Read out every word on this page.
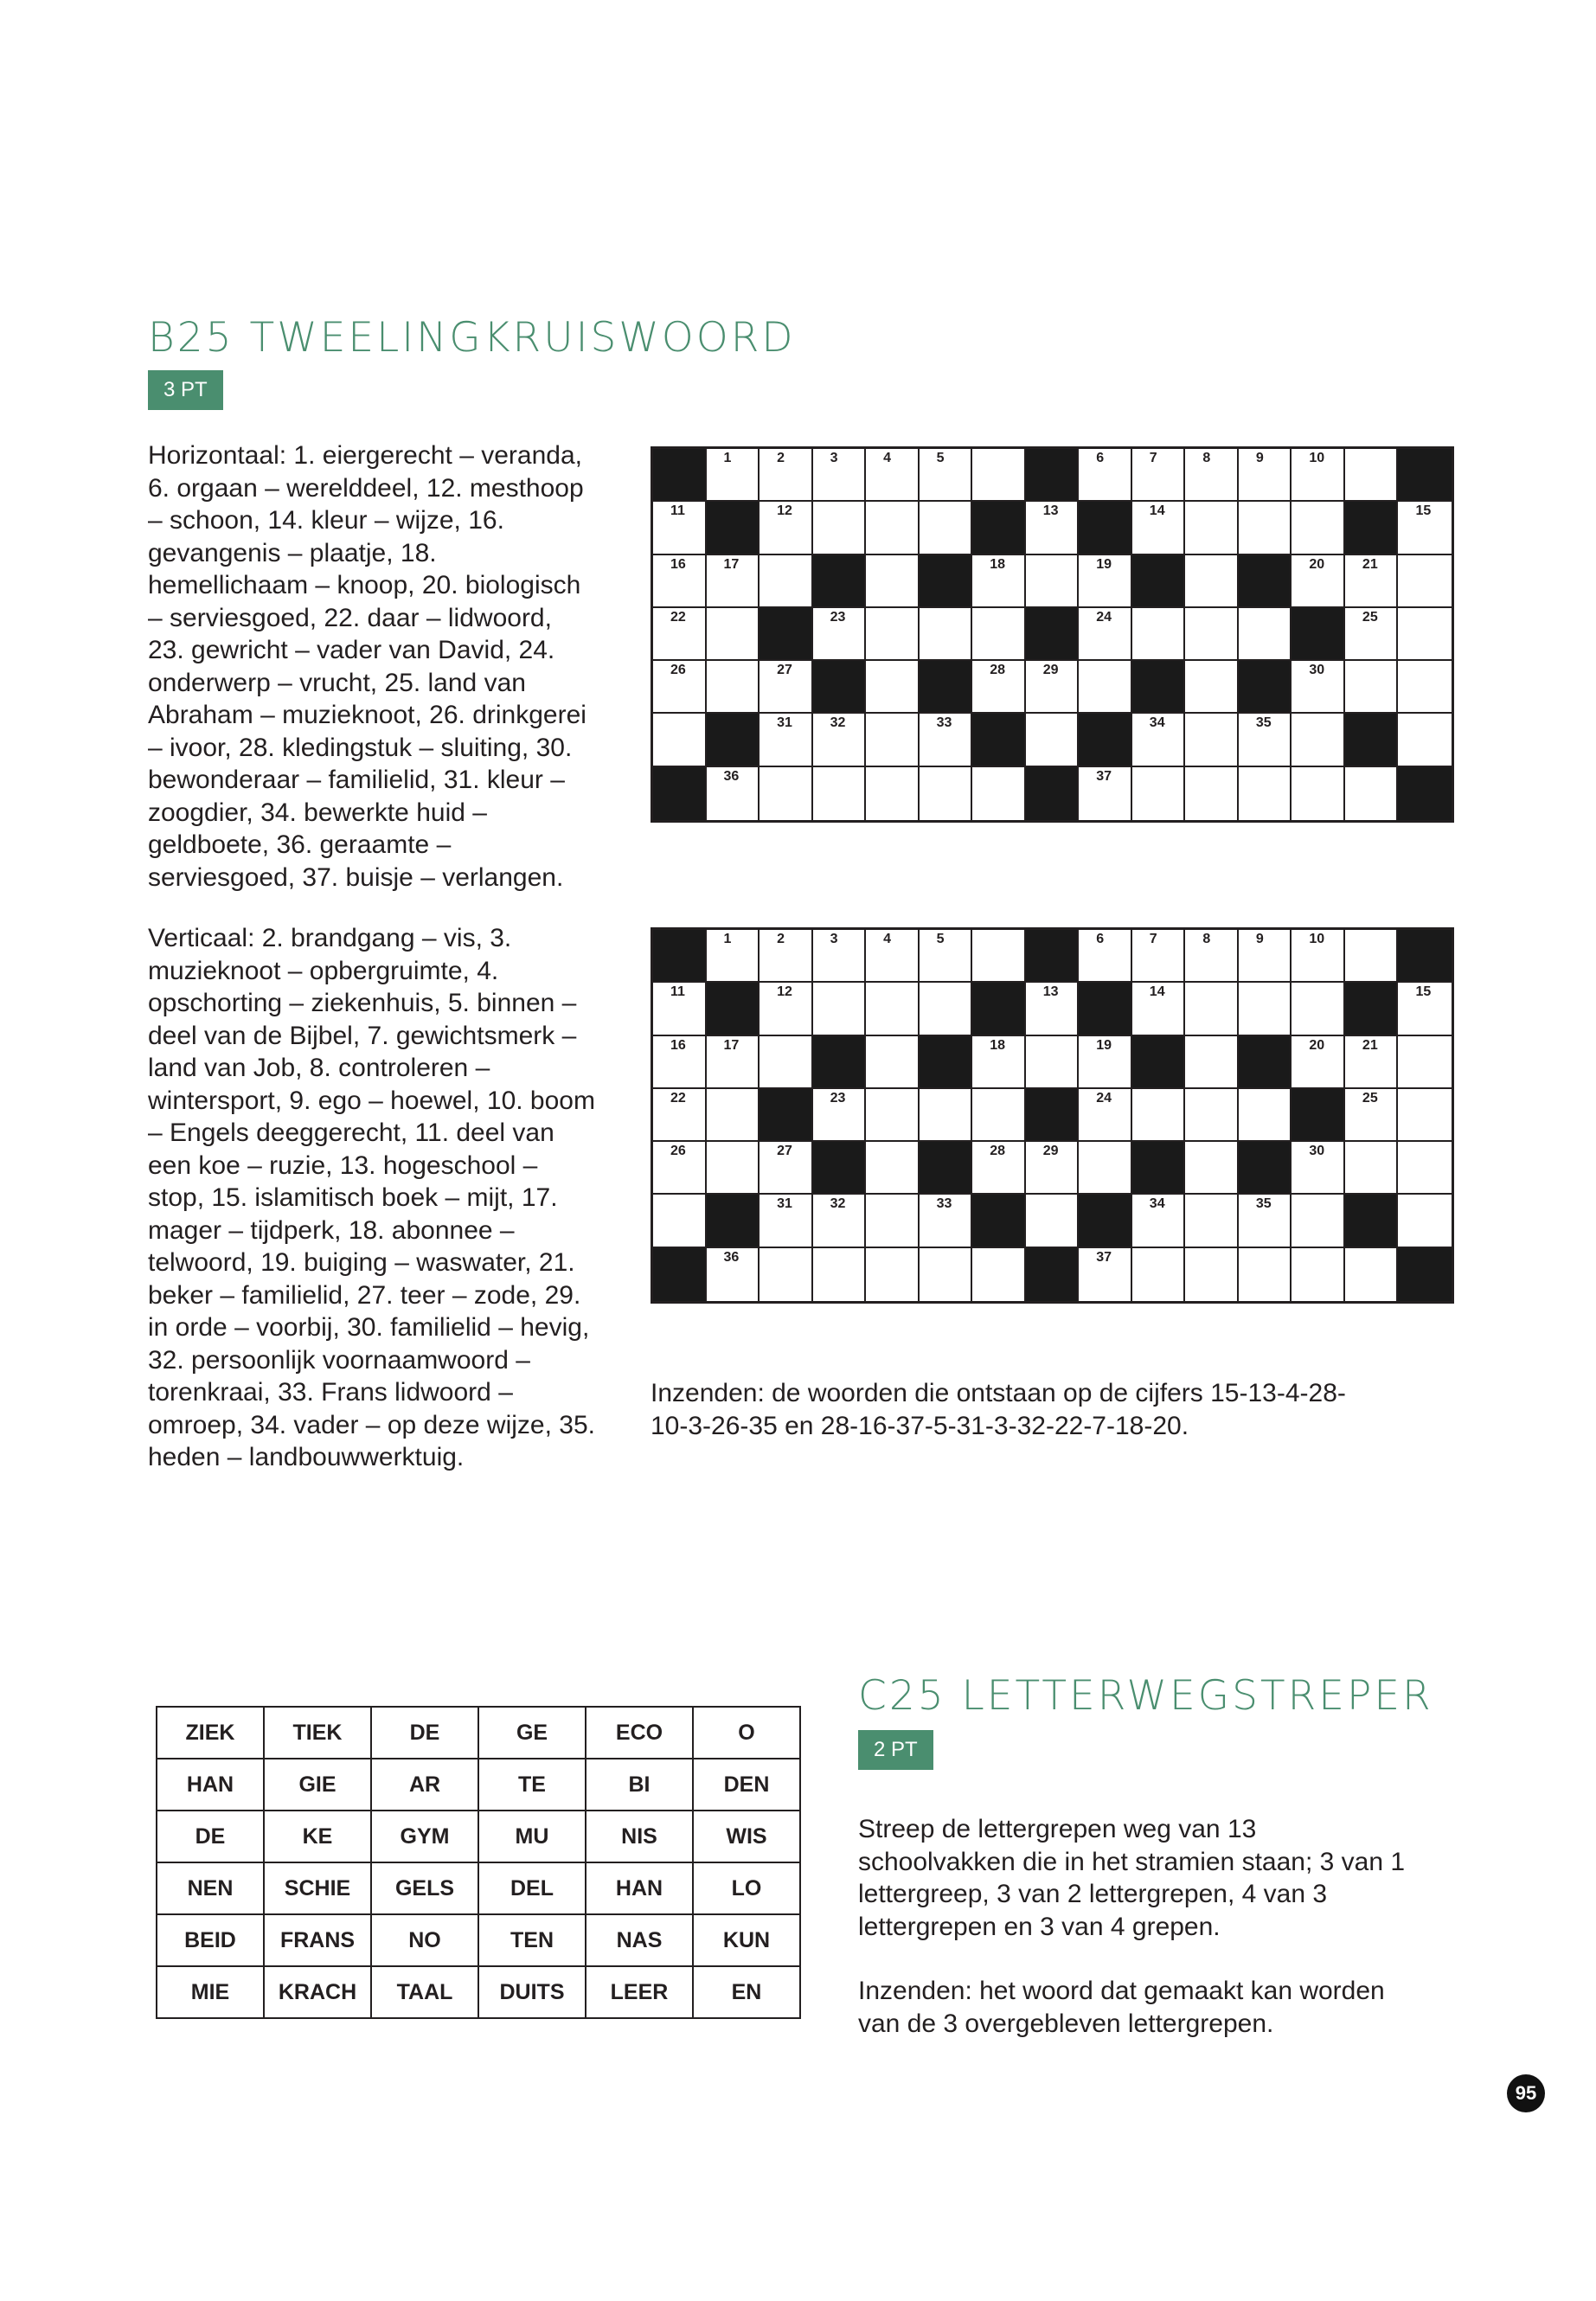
B25 TWEELINGKRUISWOORD
3 PT

Horizontaal: 1. eiergerecht – veranda, 6. orgaan – werelddeel, 12. mesthoop – schoon, 14. kleur – wijze, 16. gevangenis – plaatje, 18. hemellichaam – knoop, 20. biologisch – serviesgoed, 22. daar – lidwoord, 23. gewricht – vader van David, 24. onderwerp – vrucht, 25. land van Abraham – muzieknoot, 26. drinkgerei – ivoor, 28. kledingstuk – sluiting, 30. bewonderaar – familielid, 31. kleur – zoogdier, 34. bewerkte huid – geldboete, 36. geraamte – serviesgoed, 37. buisje – verlangen.

Verticaal: 2. brandgang – vis, 3. muzieknoot – opbergruimte, 4. opschorting – ziekenhuis, 5. binnen – deel van de Bijbel, 7. gewichtsmerk – land van Job, 8. controleren – wintersport, 9. ego – hoewel, 10. boom – Engels deeggerecht, 11. deel van een koe – ruzie, 13. hogeschool – stop, 15. islamitisch boek – mijt, 17. mager – tijdperk, 18. abonnee – telwoord, 19. buiging – waswater, 21. beker – familielid, 27. teer – zode, 29. in orde – voorbij, 30. familielid – hevig, 32. persoonlijk voornaamwoord – torenkraai, 33. Frans lidwoord – omroep, 34. vader – op deze wijze, 35. heden – landbouwwerktuig.

1	2	3	4	5	6	7	8	9	10
11	12	13	14	15
16	17	18	19	20	21
22	23	24	25
26	27	28	29	30
31	32	33	34	35
36	37
1	2	3	4	5	6	7	8	9	10
11	12	13	14	15
16	17	18	19	20	21
22	23	24	25
26	27	28	29	30
31	32	33	34	35
36	37

Inzenden: de woorden die ontstaan op de cijfers 15-13-4-28-10-3-26-35 en 28-16-37-5-31-3-32-22-7-18-20.

ZIEK	TIEK	DE	GE	ECO	O
HAN	GIE	AR	TE	BI	DEN
DE	KE	GYM	MU	NIS	WIS
NEN	SCHIE	GELS	DEL	HAN	LO
BEID	FRANS	NO	TEN	NAS	KUN
MIE	KRACH	TAAL	DUITS	LEER	EN
C25 LETTERWEGSTREPER
2 PT

Streep de lettergrepen weg van 13 schoolvakken die in het stramien staan; 3 van 1 lettergreep, 3 van 2 lettergrepen, 4 van 3 lettergrepen en 3 van 4 grepen.

Inzenden: het woord dat gemaakt kan worden van de 3 overgebleven lettergrepen.

95
